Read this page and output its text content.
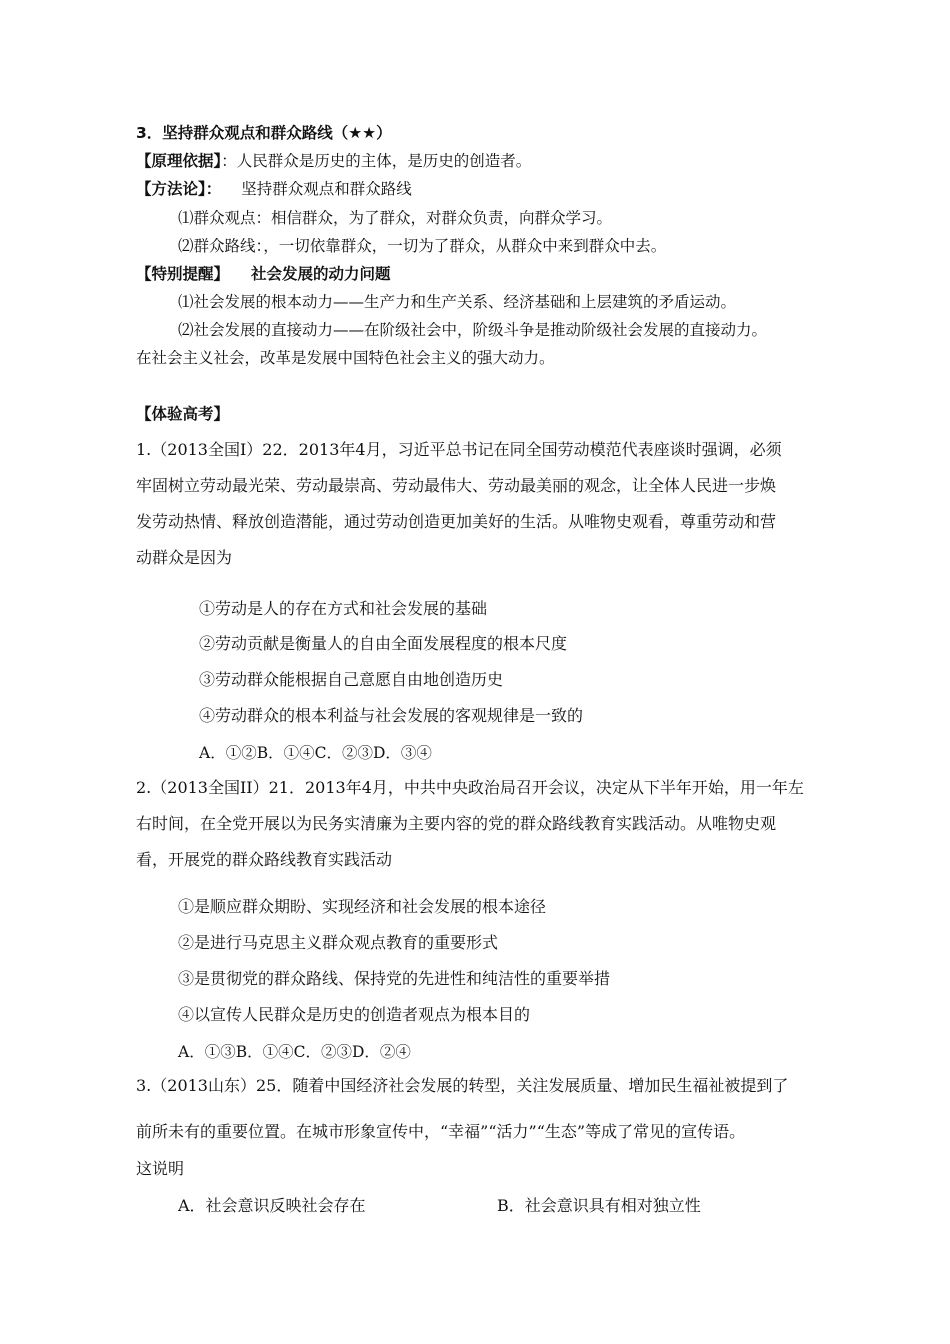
3．坚持群众观点和群众路线（★★）
【原理依据】：人民群众是历史的主体，是历史的创造者。
【方法论】： 坚持群众观点和群众路线
⑴群众观点：相信群众，为了群众，对群众负责，向群众学习。
⑵群众路线：，一切依靠群众，一切为了群众，从群众中来到群众中去。
【特别提醒】 社会发展的动力问题
⑴社会发展的根本动力——生产力和生产关系、经济基础和上层建筑的矛盾运动。
⑵社会发展的直接动力——在阶级社会中，阶级斗争是推动阶级社会发展的直接动力。
在社会主义社会，改革是发展中国特色社会主义的强大动力。
【体验高考】
1.（2013全国Ⅰ）22．2013年4月，习近平总书记在同全国劳动模范代表座谈时强调，必须
牢固树立劳动最光荣、劳动最崇高、劳动最伟大、劳动最美丽的观念，让全体人民进一步焕
发劳动热情、释放创造潜能，通过劳动创造更加美好的生活。从唯物史观看，尊重劳动和营
动群众是因为
①劳动是人的存在方式和社会发展的基础
②劳动贡献是衡量人的自由全面发展程度的根本尺度
③劳动群众能根据自己意愿自由地创造历史
④劳动群众的根本利益与社会发展的客观规律是一致的
A．①②B．①④C．②③D．③④
2.（2013全国II）21．2013年4月，中共中央政治局召开会议，决定从下半年开始，用一年左
右时间，在全党开展以为民务实清廉为主要内容的党的群众路线教育实践活动。从唯物史观
看，开展党的群众路线教育实践活动
①是顺应群众期盼、实现经济和社会发展的根本途径
②是进行马克思主义群众观点教育的重要形式
③是贯彻党的群众路线、保持党的先进性和纯洁性的重要举措
④以宣传人民群众是历史的创造者观点为根本目的
A．①③B．①④C．②③D．②④
3.（2013山东）25．随着中国经济社会发展的转型，关注发展质量、增加民生福祉被提到了
前所未有的重要位置。在城市形象宣传中，“幸福”“活力”“生态”等成了常见的宣传语。
这说明
A．社会意识反映社会存在	B．社会意识具有相对独立性
